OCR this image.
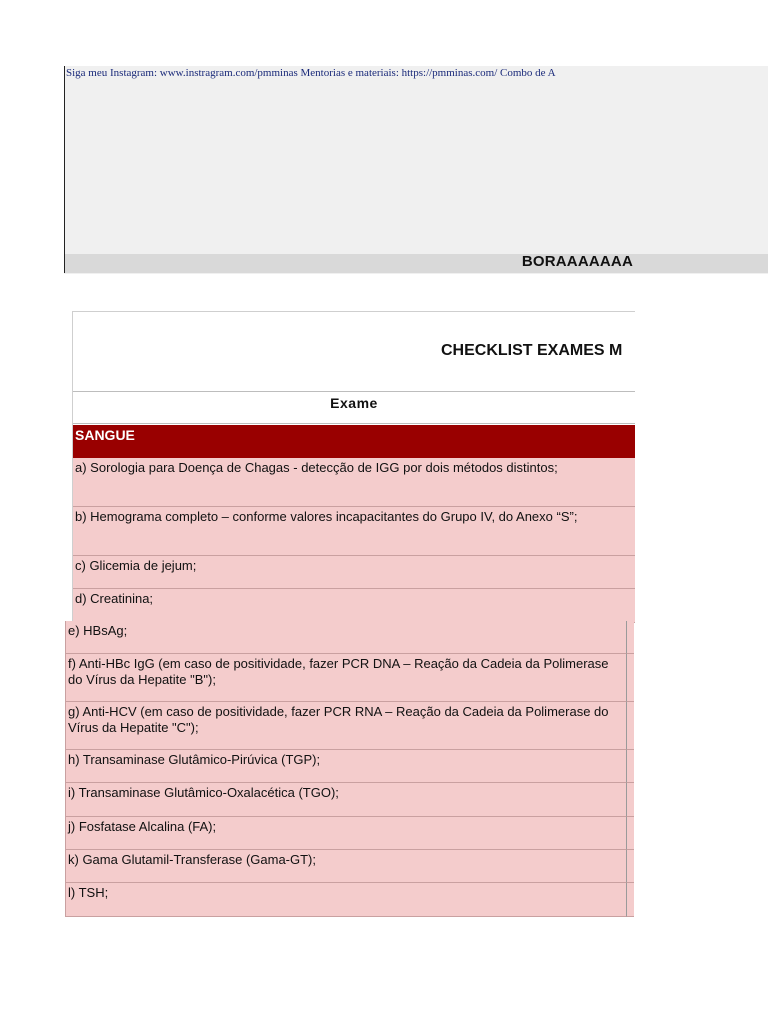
Siga meu Instagram: www.instragram.com/pmminas Mentorias e materiais: https://pmminas.com/ Combo de A
BORAAAAAAA
CHECKLIST EXAMES M
Exame
SANGUE
a) Sorologia para Doença de Chagas - detecção de IGG por dois métodos distintos;
b) Hemograma completo – conforme valores incapacitantes do Grupo IV, do Anexo “S”;
c) Glicemia de jejum;
d) Creatinina;
e) HBsAg;
f) Anti-HBc IgG (em caso de positividade, fazer PCR DNA – Reação da Cadeia da Polimerase do Vírus da Hepatite "B");
g) Anti-HCV (em caso de positividade, fazer PCR RNA – Reação da Cadeia da Polimerase do Vírus da Hepatite "C");
h) Transaminase Glutâmico-Pirúvica (TGP);
i) Transaminase Glutâmico-Oxalacética (TGO);
j) Fosfatase Alcalina (FA);
k) Gama Glutamil-Transferase (Gama-GT);
l) TSH;
